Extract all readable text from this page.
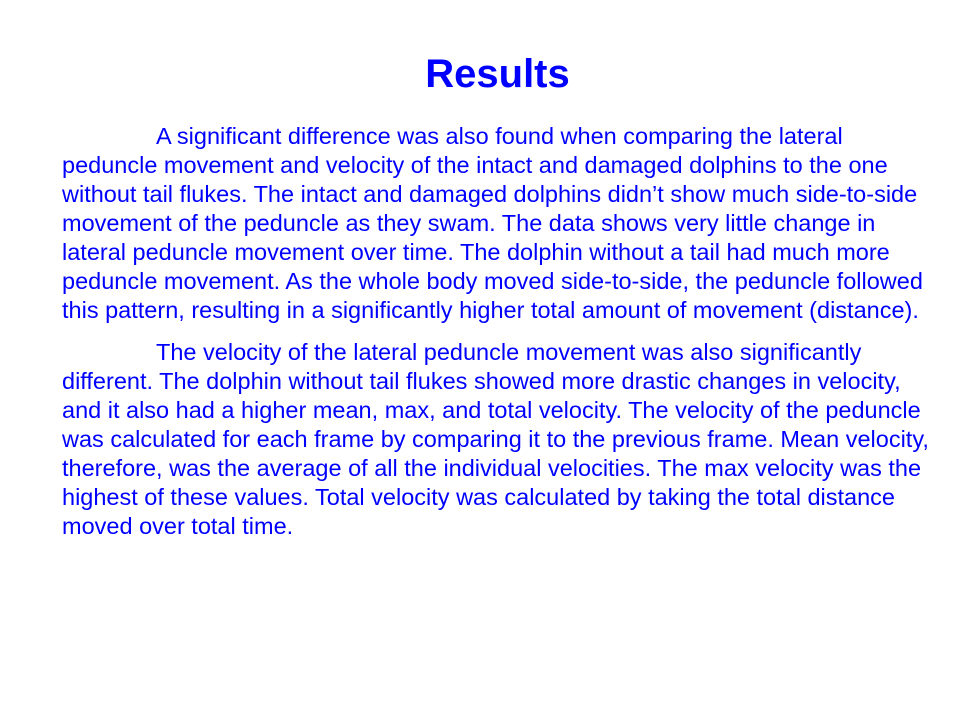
Results

A significant difference was also found when comparing the lateral peduncle movement and velocity of the intact and damaged dolphins to the one without tail flukes. The intact and damaged dolphins didn’t show much side-to-side movement of the peduncle as they swam. The data shows very little change in lateral peduncle movement over time. The dolphin without a tail had much more peduncle movement. As the whole body moved side-to-side, the peduncle followed this pattern, resulting in a significantly higher total amount of movement (distance).

The velocity of the lateral peduncle movement was also significantly different. The dolphin without tail flukes showed more drastic changes in velocity, and it also had a higher mean, max, and total velocity. The velocity of the peduncle was calculated for each frame by comparing it to the previous frame. Mean velocity, therefore, was the average of all the individual velocities. The max velocity was the highest of these values. Total velocity was calculated by taking the total distance moved over total time.
